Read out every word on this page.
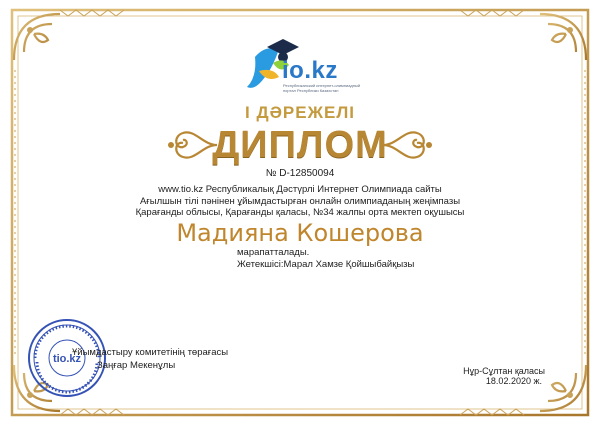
io.kz
Республиканский интернет-олимпиадный портал Республики Казахстан
І ДӘРЕЖЕЛІ
ДИПЛОМ
№ D-12850094
www.tio.kz Республикалық Дәстүрлі Интернет Олимпиада сайты
Ағылшын тілі пәнінен ұйымдастырған онлайн олимпиаданың жеңімпазы
Қарағанды облысы, Қарағанды қаласы, №34 жалпы орта мектеп оқушысы
Мадияна Кошерова
марапатталады.
Жетекшісі:Марал Хамзе Қойшыбайқызы
tio.kz
Ұйымдастыру комитетінің төрағасы
Заңғар Мекенұлы	Нұр-Сұлтан қаласы
18.02.2020 ж.
